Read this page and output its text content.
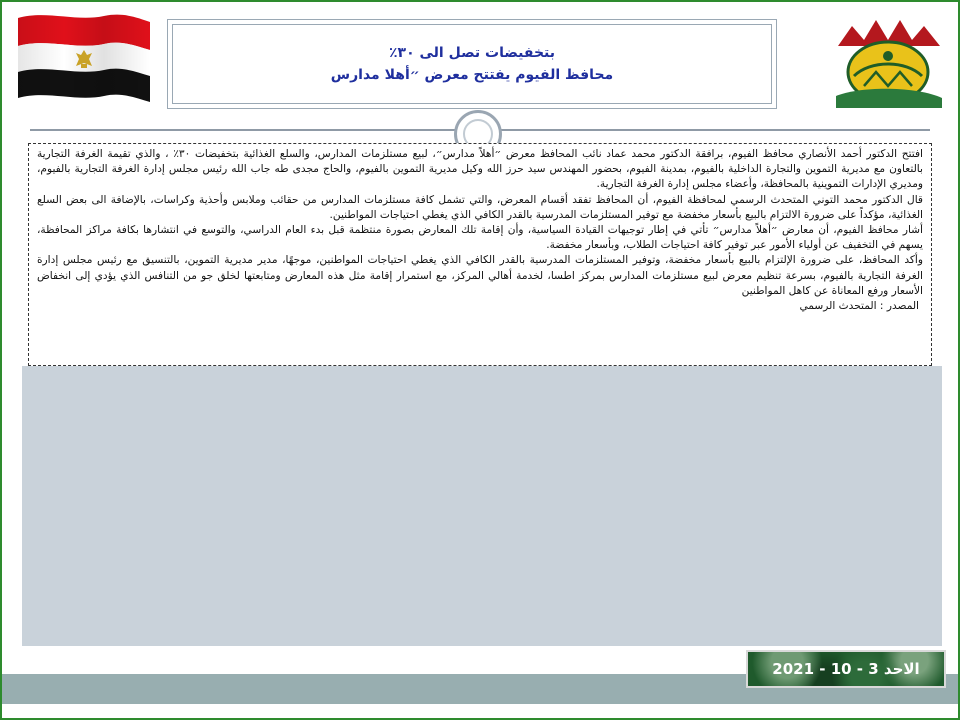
بتخفيضات تصل الى ٣٠٪
محافظ الفيوم يفتتح معرض ״أهلا مدارس

افتتح الدكتور أحمد الأنصاري محافظ الفيوم، برافقة الدكتور محمد عماد نائب المحافظ معرض ״أهلاً مدارس״، لبيع مستلزمات المدارس، والسلع الغذائية بتخفيضات ٣٠٪ ، والذي تقيمة الغرفة التجارية بالتعاون مع مديرية التموين والتجارة الداخلية بالفيوم، بمدينة الفيوم، بحضور المهندس سيد حرز الله وكيل مديرية التموين بالفيوم، والحاج مجدى طه جاب الله رئيس مجلس إدارة الغرفة التجارية بالفيوم، ومديري الإدارات التموينية بالمحافظة، وأعضاء مجلس إدارة الغرفة التجارية.

قال الدكتور محمد التوني المتحدث الرسمي لمحافظة الفيوم، أن المحافظ تفقد أقسام المعرض، والتي تشمل كافة مستلزمات المدارس من حقائب وملابس وأحذية وكراسات، بالإضافة الى بعض السلع الغذائية، مؤكداً على ضرورة الالتزام بالبيع بأسعار مخفضة مع توفير المستلزمات المدرسية بالقدر الكافي الذي يغطي احتياجات المواطنين.

أشار محافظ الفيوم، أن معارض ״أهلاً مدارس״ تأتي في إطار توجيهات القيادة السياسية، وأن إقامة تلك المعارض بصورة منتظمة قبل بدء العام الدراسي، والتوسع في انتشارها بكافة مراكز المحافظة، يسهم في التخفيف عن أولياء الأمور عبر توفير كافة احتياجات الطلاب، وبأسعار مخفضة.

وأكد المحافظ، على ضرورة الإلتزام بالبيع بأسعار مخفضة، وتوفير المستلزمات المدرسية بالقدر الكافي الذي يغطي احتياجات المواطنين، موجهًا، مدير مديرية التموين، بالتنسيق مع رئيس مجلس إدارة الغرفة التجارية بالفيوم، بسرعة تنظيم معرض لبيع مستلزمات المدارس بمركز اطسا، لخدمة أهالي المركز، مع استمرار إقامة مثل هذه المعارض ومتابعتها لخلق جو من التنافس الذي يؤدي إلى انخفاض الأسعار ورفع المعاناة عن كاهل المواطنين

المصدر : المتحدث الرسمي

الاحد 3 - 10 - 2021
